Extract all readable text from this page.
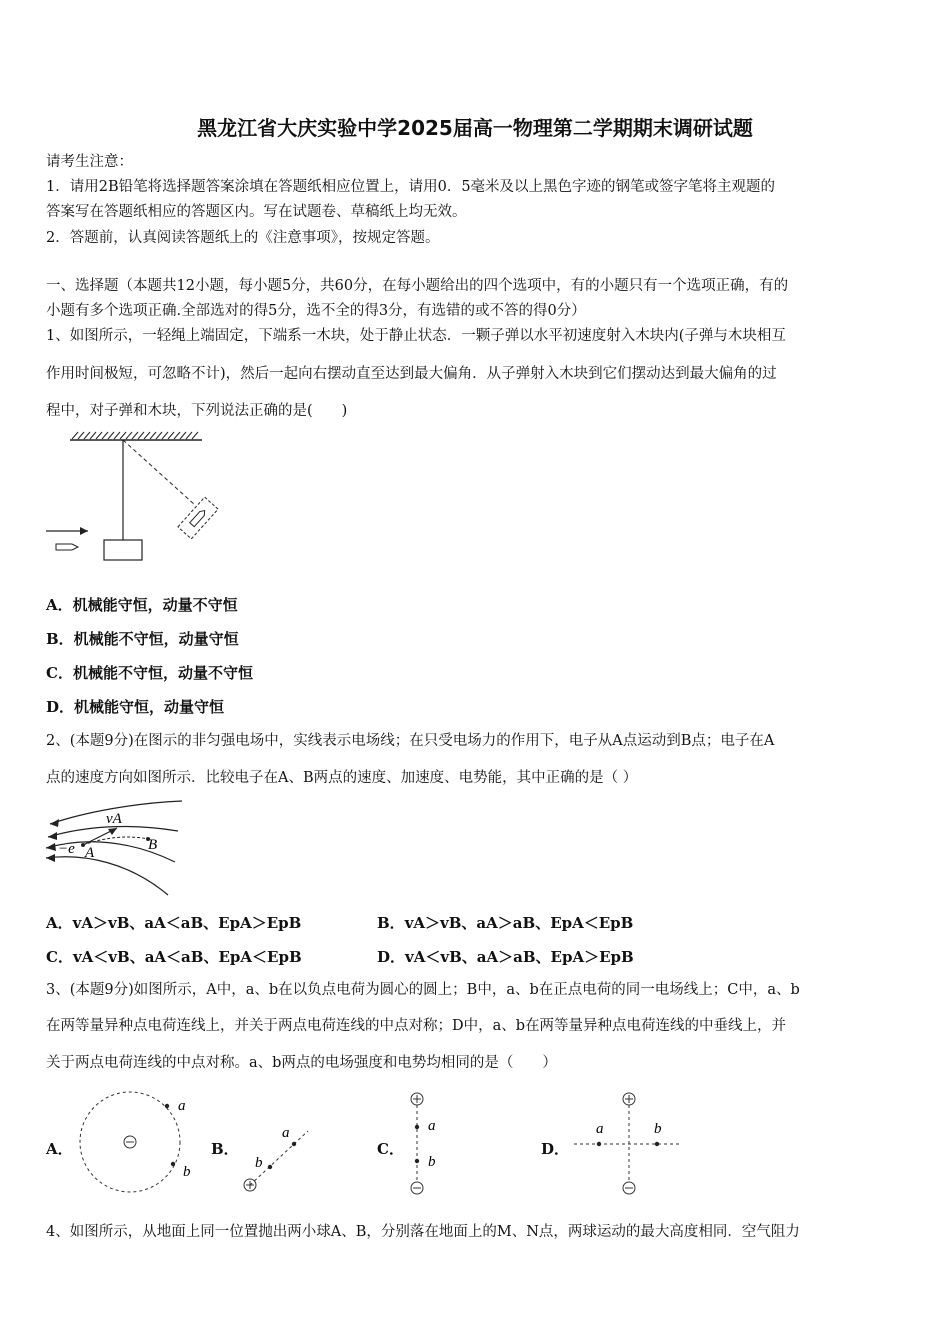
黑龙江省大庆实验中学2025届高一物理第二学期期末调研试题
请考生注意：
1．请用2B铅笔将选择题答案涂填在答题纸相应位置上，请用0．5毫米及以上黑色字迹的钢笔或签字笔将主观题的
答案写在答题纸相应的答题区内。写在试题卷、草稿纸上均无效。
2．答题前，认真阅读答题纸上的《注意事项》，按规定答题。
一、选择题（本题共12小题，每小题5分，共60分，在每小题给出的四个选项中，有的小题只有一个选项正确，有的
小题有多个选项正确.全部选对的得5分，选不全的得3分，有选错的或不答的得0分）
1、如图所示，一轻绳上端固定，下端系一木块，处于静止状态．一颗子弹以水平初速度射入木块内(子弹与木块相互
作用时间极短，可忽略不计)，然后一起向右摆动直至达到最大偏角．从子弹射入木块到它们摆动达到最大偏角的过
程中，对子弹和木块，下列说法正确的是(　　)
A．机械能守恒，动量不守恒
B．机械能不守恒，动量守恒
C．机械能不守恒，动量不守恒
D．机械能守恒，动量守恒
2、(本题9分)在图示的非匀强电场中，实线表示电场线；在只受电场力的作用下，电子从A点运动到B点；电子在A
点的速度方向如图所示．比较电子在A、B两点的速度、加速度、电势能，其中正确的是（ ）
vA
−e A	B
A．vA＞vB、aA＜aB、EpA＞EpB	B．vA＞vB、aA＞aB、EpA＜EpB
C．vA＜vB、aA＜aB、EpA＜EpB	D．vA＜vB、aA＞aB、EpA＞EpB
3、(本题9分)如图所示，A中，a、b在以负点电荷为圆心的圆上；B中，a、b在正点电荷的同一电场线上；C中，a、b
在两等量异种点电荷连线上，并关于两点电荷连线的中点对称；D中，a、b在两等量异种点电荷连线的中垂线上，并
关于两点电荷连线的中点对称。a、b两点的电场强度和电势均相同的是（　　）
A．	B．	C．	D．
a
b
a
b
a
b
a	b
4、如图所示，从地面上同一位置抛出两小球A、B，分别落在地面上的M、N点，两球运动的最大高度相同．空气阻力
